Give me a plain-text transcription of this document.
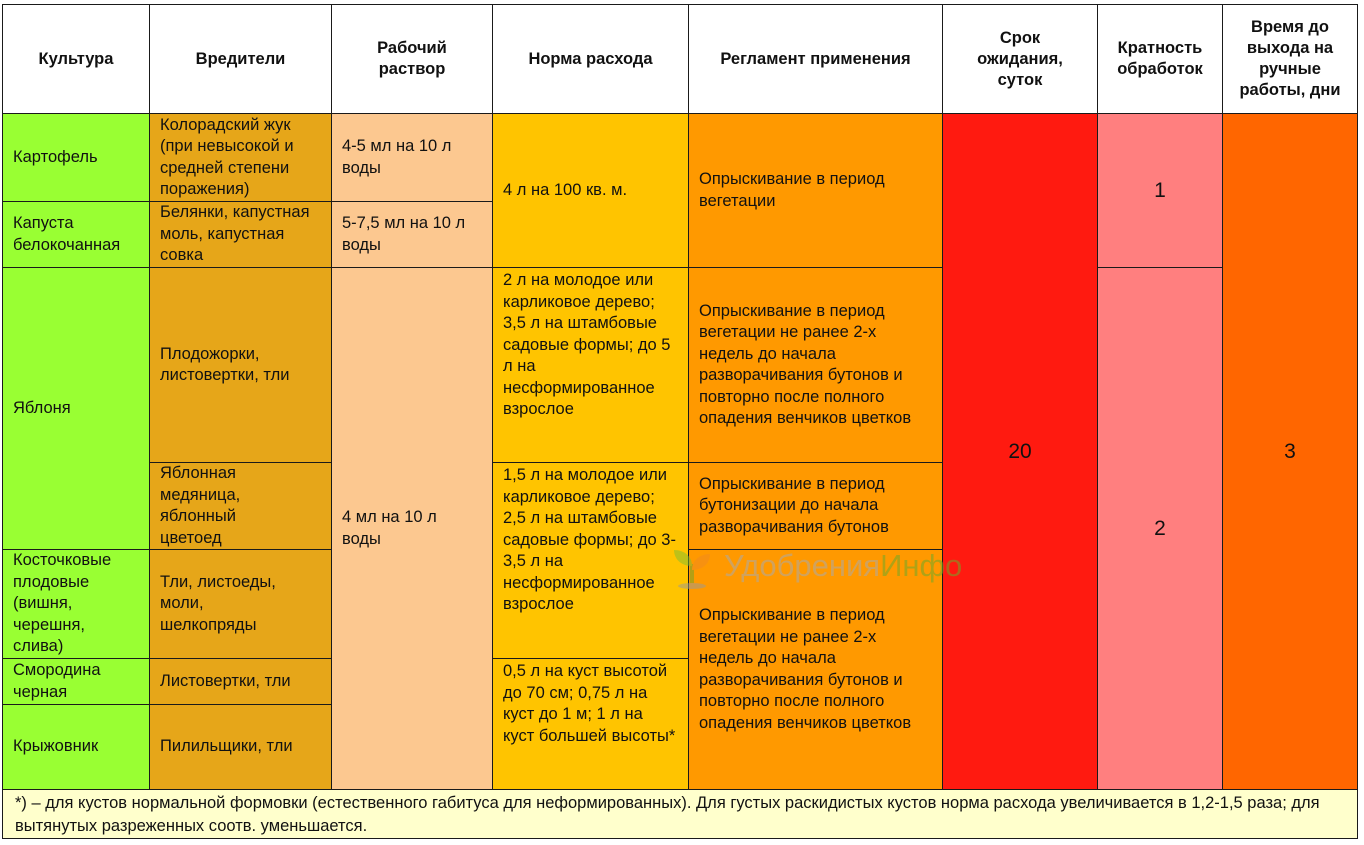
Культура	Вредители
Рабочий раствор
Норма расхода	Регламент применения
Срок ожидания, суток
Кратность обработок
Время до выхода на ручные работы, дни
Картофель
Капуста белокочанная
Яблоня
Косточковые плодовые (вишня, черешня, слива)
Смородина черная
Крыжовник
Колорадский жук (при невысокой и средней степени поражения)
Белянки, капустная моль, капустная совка
Плодожорки, листовертки, тли
Яблонная медяница, яблонный цветоед
Тли, листоеды, моли, шелкопряды
Листовертки, тли
Пилильщики, тли
4-5 мл на 10 л воды
5-7,5 мл на 10 л воды
4 мл на 10 л воды
4 л на 100 кв. м.
2 л на молодое или карликовое дерево; 3,5 л на штамбовые садовые формы; до 5 л на несформированное взрослое
1,5 л на молодое или карликовое дерево; 2,5 л на штамбовые садовые формы; до 3-3,5 л на несформированное взрослое
0,5 л на куст высотой до 70 см; 0,75 л на куст до 1 м; 1 л на куст большей высоты*
Опрыскивание в период вегетации
Опрыскивание в период вегетации не ранее 2-х недель до начала разворачивания бутонов и повторно после полного опадения венчиков цветков
Опрыскивание в период бутонизации до начала разворачивания бутонов
Опрыскивание в период вегетации не ранее 2-х недель до начала разворачивания бутонов и повторно после полного опадения венчиков цветков
20
1
2
3
*) – для кустов нормальной формовки (естественного габитуса для неформированных). Для густых раскидистых кустов норма расхода увеличивается в 1,2-1,5 раза; для вытянутых разреженных соотв. уменьшается.
Удобрения Инфо
